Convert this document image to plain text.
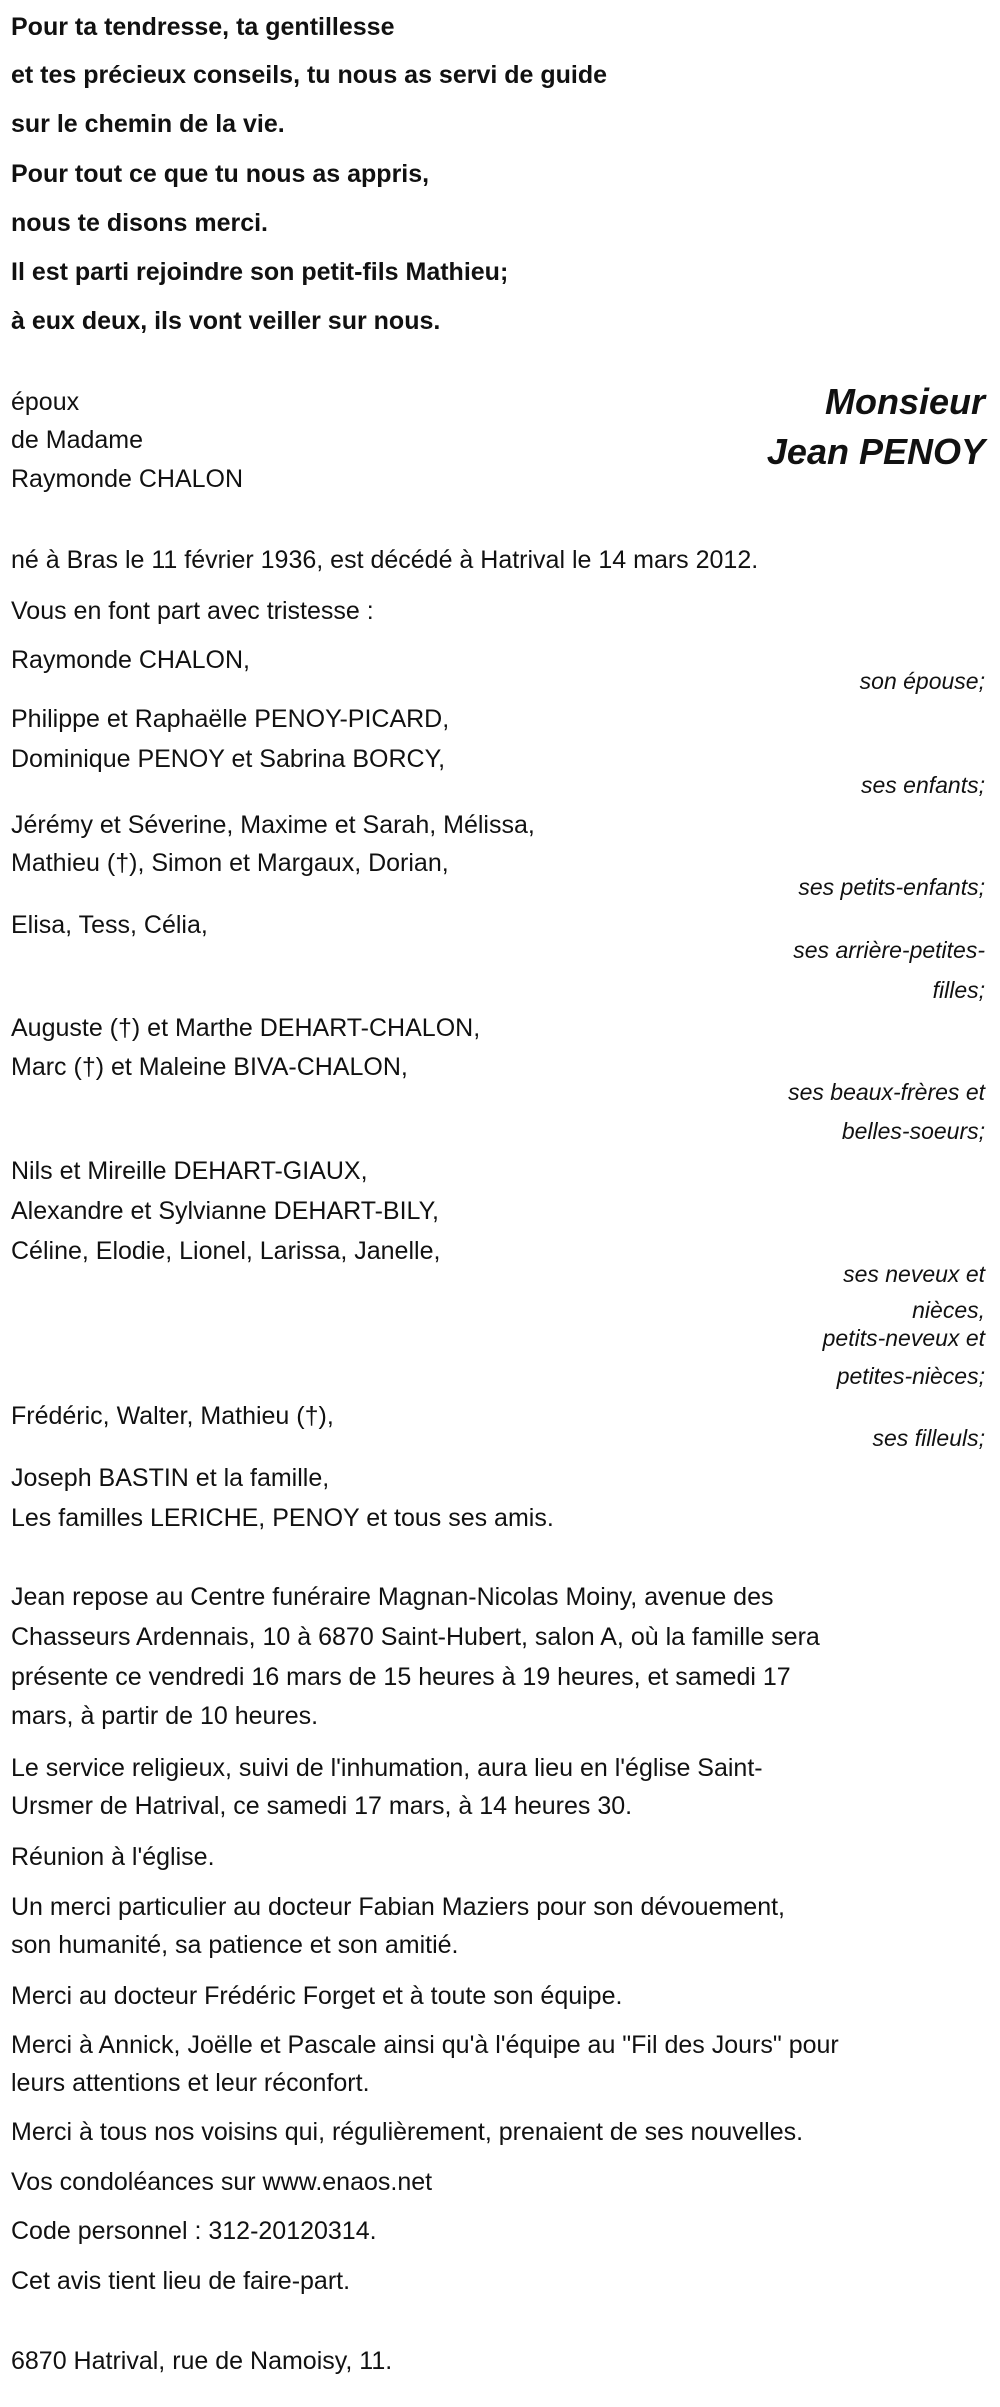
Pour ta tendresse, ta gentillesse
et tes précieux conseils, tu nous as servi de guide
sur le chemin de la vie.
Pour tout ce que tu nous as appris,
nous te disons merci.
Il est parti rejoindre son petit-fils Mathieu;
à eux deux, ils vont veiller sur nous.
époux
de Madame
Raymonde CHALON
Monsieur
Jean PENOY
né à Bras le 11 février 1936, est décédé à Hatrival le 14 mars 2012.
Vous en font part avec tristesse :
Raymonde CHALON,
son épouse;
Philippe et Raphaëlle PENOY-PICARD,
Dominique PENOY et Sabrina BORCY,
ses enfants;
Jérémy et Séverine, Maxime et Sarah, Mélissa,
Mathieu (†), Simon et Margaux, Dorian,
ses petits-enfants;
Elisa, Tess, Célia,
ses arrière-petites-
filles;
Auguste (†) et Marthe DEHART-CHALON,
Marc (†) et Maleine BIVA-CHALON,
ses beaux-frères et
belles-soeurs;
Nils et Mireille DEHART-GIAUX,
Alexandre et Sylvianne DEHART-BILY,
Céline, Elodie, Lionel, Larissa, Janelle,
ses neveux et
nièces,
petits-neveux et
petites-nièces;
Frédéric, Walter, Mathieu (†),
ses filleuls;
Joseph BASTIN et la famille,
Les familles LERICHE, PENOY et tous ses amis.
Jean repose au Centre funéraire Magnan-Nicolas Moiny, avenue des
Chasseurs Ardennais, 10 à 6870 Saint-Hubert, salon A, où la famille sera
présente ce vendredi 16 mars de 15 heures à 19 heures, et samedi 17
mars, à partir de 10 heures.
Le service religieux, suivi de l'inhumation, aura lieu en l'église Saint-
Ursmer de Hatrival, ce samedi 17 mars, à 14 heures 30.
Réunion à l'église.
Un merci particulier au docteur Fabian Maziers pour son dévouement,
son humanité, sa patience et son amitié.
Merci au docteur Frédéric Forget et à toute son équipe.
Merci à Annick, Joëlle et Pascale ainsi qu'à l'équipe au "Fil des Jours" pour
leurs attentions et leur réconfort.
Merci à tous nos voisins qui, régulièrement, prenaient de ses nouvelles.
Vos condoléances sur www.enaos.net
Code personnel : 312-20120314.
Cet avis tient lieu de faire-part.
6870 Hatrival, rue de Namoisy, 11.
